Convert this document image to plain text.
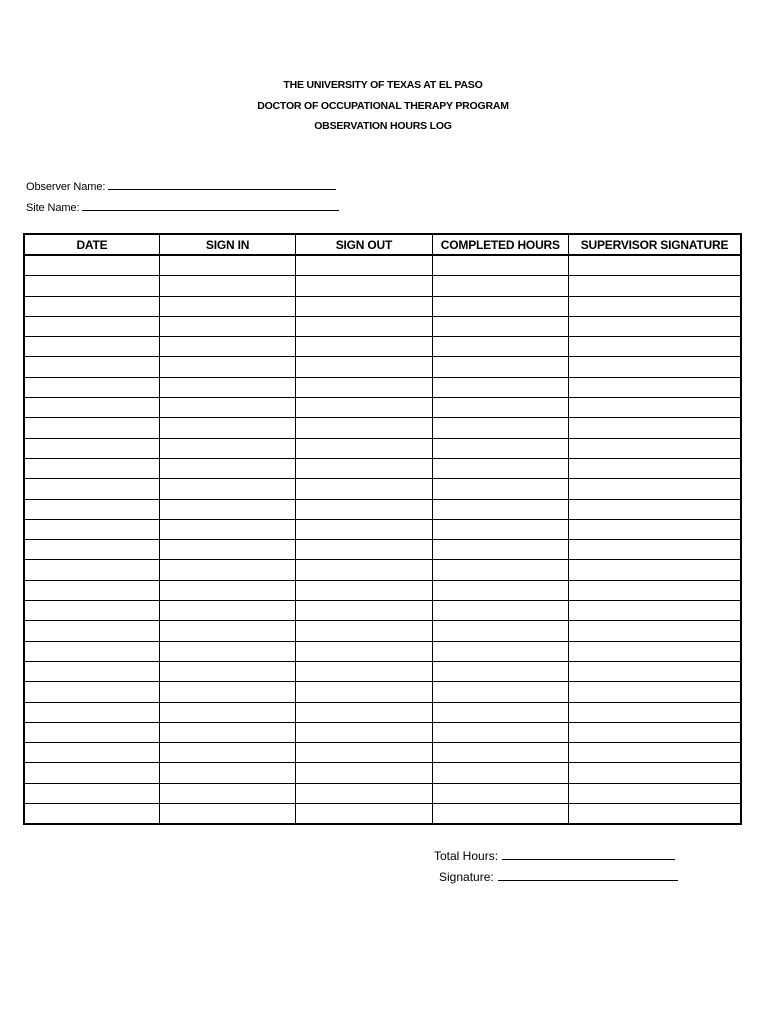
THE UNIVERSITY OF TEXAS AT EL PASO
DOCTOR OF OCCUPATIONAL THERAPY PROGRAM
OBSERVATION HOURS LOG
Observer Name:
Site Name:
DATE	SIGN IN	SIGN OUT	COMPLETED HOURS	SUPERVISOR SIGNATURE

Total Hours:
Signature:
